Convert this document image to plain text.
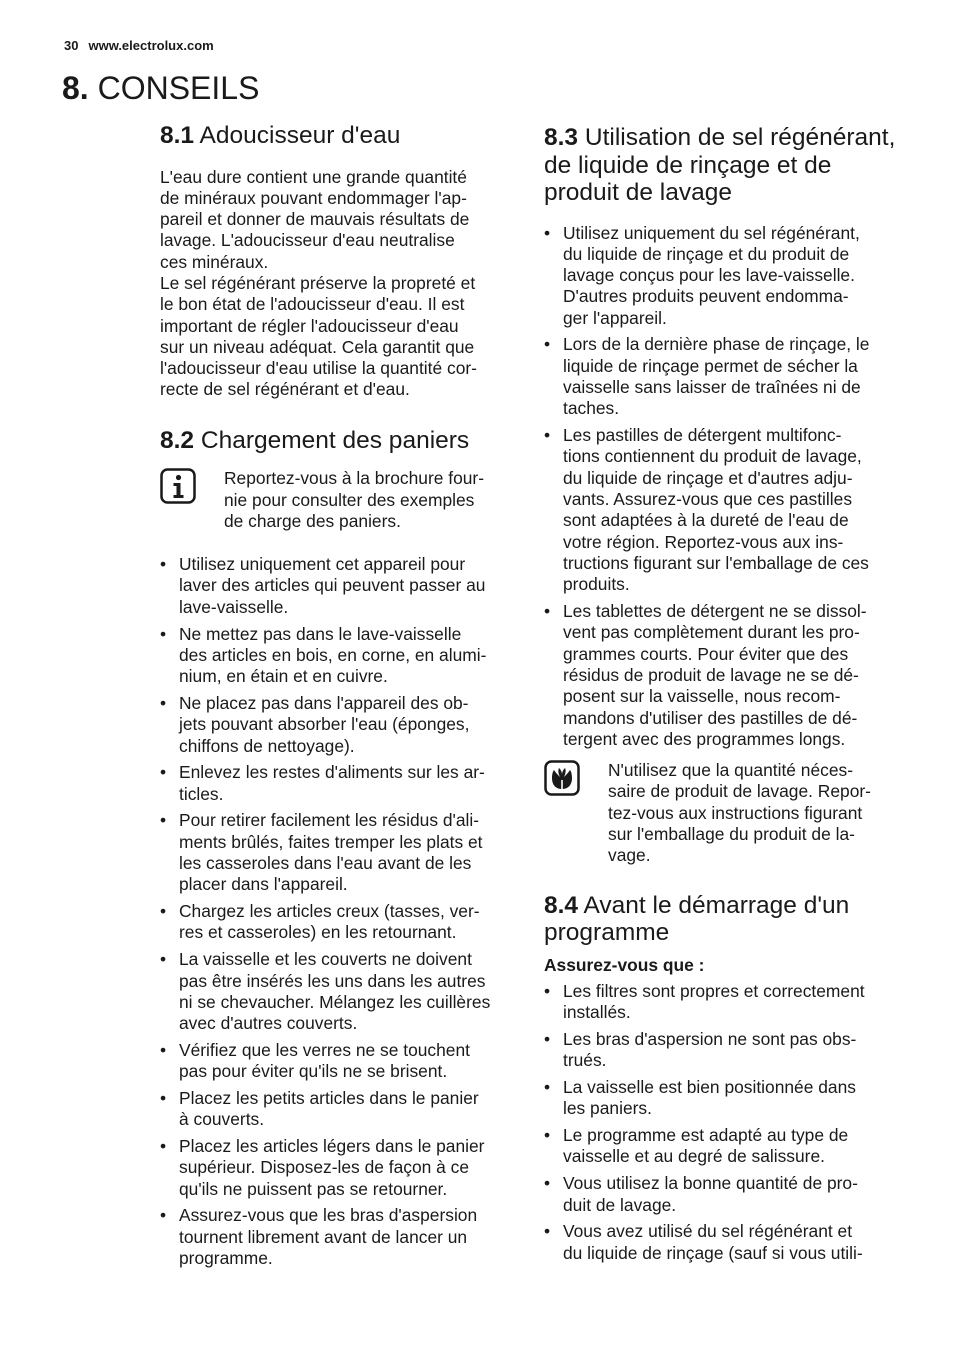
30 www.electrolux.com
8. CONSEILS
8.1 Adoucisseur d'eau

L'eau dure contient une grande quantité
de minéraux pouvant endommager l'ap-
pareil et donner de mauvais résultats de
lavage. L'adoucisseur d'eau neutralise
ces minéraux.

Le sel régénérant préserve la propreté et
le bon état de l'adoucisseur d'eau. Il est
important de régler l'adoucisseur d'eau
sur un niveau adéquat. Cela garantit que
l'adoucisseur d'eau utilise la quantité cor-
recte de sel régénérant et d'eau.

8.2 Chargement des paniers
Reportez-vous à la brochure four-
nie pour consulter des exemples
de charge des paniers.
• Utilisez uniquement cet appareil pour
laver des articles qui peuvent passer au
lave-vaisselle.
• Ne mettez pas dans le lave-vaisselle
des articles en bois, en corne, en alumi-
nium, en étain et en cuivre.
• Ne placez pas dans l'appareil des ob-
jets pouvant absorber l'eau (éponges,
chiffons de nettoyage).
• Enlevez les restes d'aliments sur les ar-
ticles.
• Pour retirer facilement les résidus d'ali-
ments brûlés, faites tremper les plats et
les casseroles dans l'eau avant de les
placer dans l'appareil.
• Chargez les articles creux (tasses, ver-
res et casseroles) en les retournant.
• La vaisselle et les couverts ne doivent
pas être insérés les uns dans les autres
ni se chevaucher. Mélangez les cuillères
avec d'autres couverts.
• Vérifiez que les verres ne se touchent
pas pour éviter qu'ils ne se brisent.
• Placez les petits articles dans le panier
à couverts.
• Placez les articles légers dans le panier
supérieur. Disposez-les de façon à ce
qu'ils ne puissent pas se retourner.
• Assurez-vous que les bras d'aspersion
tournent librement avant de lancer un
programme.
8.3 Utilisation de sel régénérant,
de liquide de rinçage et de
produit de lavage
• Utilisez uniquement du sel régénérant,
du liquide de rinçage et du produit de
lavage conçus pour les lave-vaisselle.
D'autres produits peuvent endomma-
ger l'appareil.
• Lors de la dernière phase de rinçage, le
liquide de rinçage permet de sécher la
vaisselle sans laisser de traînées ni de
taches.
• Les pastilles de détergent multifonc-
tions contiennent du produit de lavage,
du liquide de rinçage et d'autres adju-
vants. Assurez-vous que ces pastilles
sont adaptées à la dureté de l'eau de
votre région. Reportez-vous aux ins-
tructions figurant sur l'emballage de ces
produits.
• Les tablettes de détergent ne se dissol-
vent pas complètement durant les pro-
grammes courts. Pour éviter que des
résidus de produit de lavage ne se dé-
posent sur la vaisselle, nous recom-
mandons d'utiliser des pastilles de dé-
tergent avec des programmes longs.
N'utilisez que la quantité néces-
saire de produit de lavage. Repor-
tez-vous aux instructions figurant
sur l'emballage du produit de la-
vage.
8.4 Avant le démarrage d'un
programme

Assurez-vous que :

• Les filtres sont propres et correctement
installés.
• Les bras d'aspersion ne sont pas obs-
trués.
• La vaisselle est bien positionnée dans
les paniers.
• Le programme est adapté au type de
vaisselle et au degré de salissure.
• Vous utilisez la bonne quantité de pro-
duit de lavage.
• Vous avez utilisé du sel régénérant et
du liquide de rinçage (sauf si vous utili-
